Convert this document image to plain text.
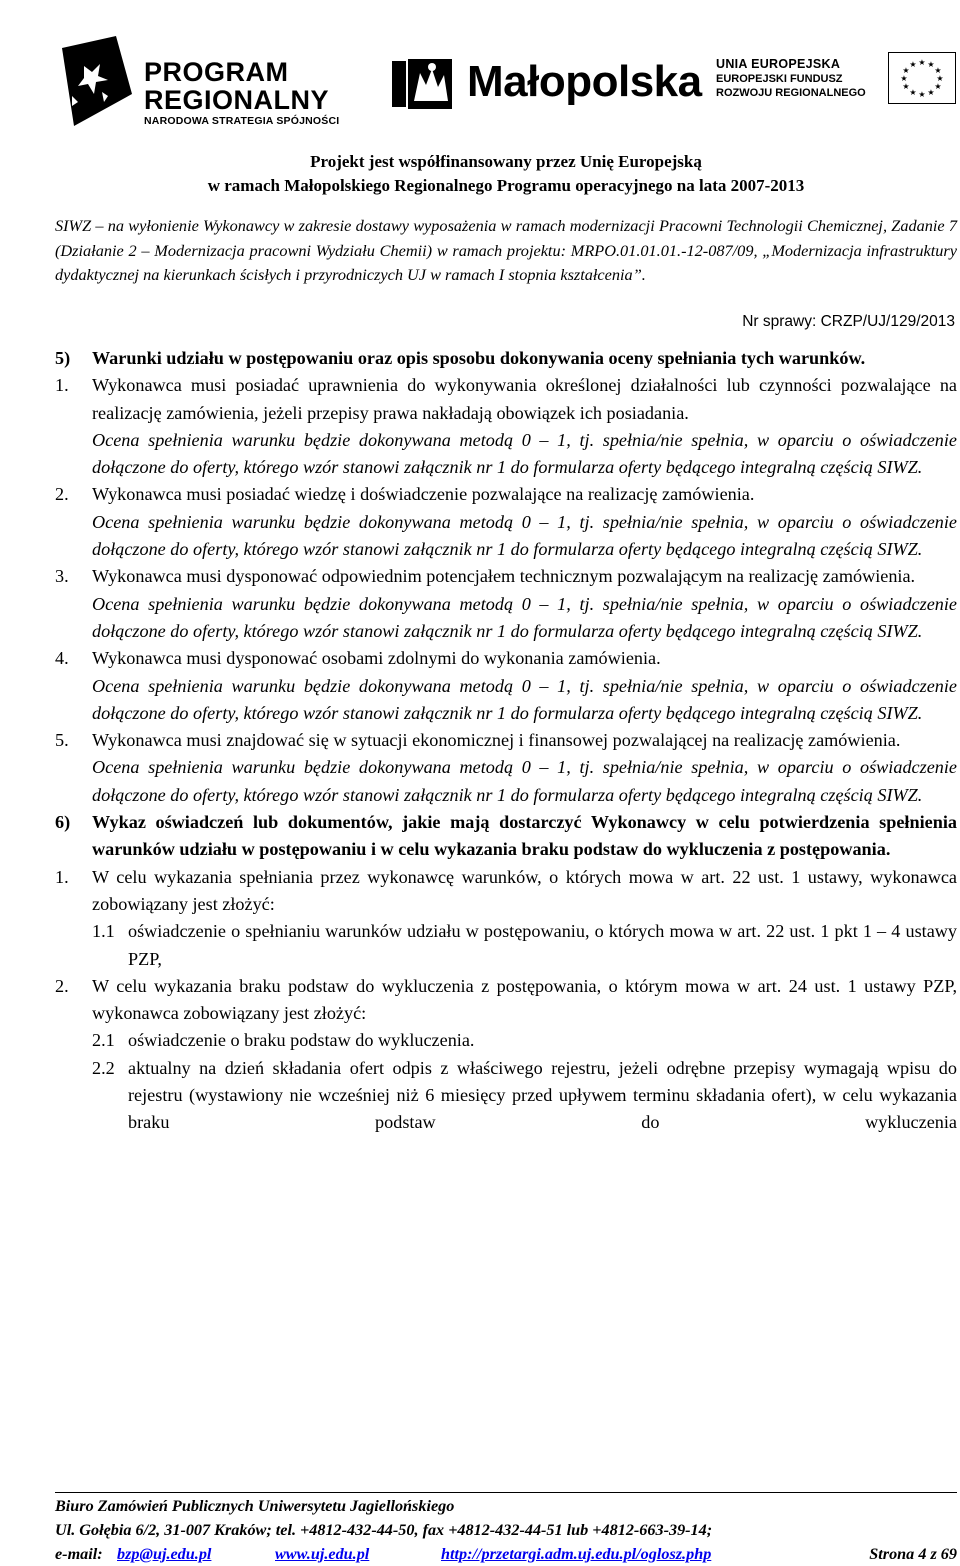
PROGRAM
REGIONALNY
NARODOWA STRATEGIA SPÓJNOŚCI
Małopolska UNIA EUROPEJSKA
EUROPEJSKI FUNDUSZ
ROZWOJU REGIONALNEGO
★ ★
★
★
★
★
★
★
★
★
★
★
Projekt jest współfinansowany przez Unię Europejską
w ramach Małopolskiego Regionalnego Programu operacyjnego na lata 2007-2013
SIWZ – na wyłonienie Wykonawcy w zakresie dostawy wyposażenia w ramach modernizacji Pracowni Technologii Chemicznej, Zadanie 7 (Działanie 2 – Modernizacja pracowni Wydziału Chemii) w ramach projektu: MRPO.01.01.01.-12-087/09, „Modernizacja infrastruktury dydaktycznej na kierunkach ścisłych i przyrodniczych UJ w ramach I stopnia kształcenia”.
Nr sprawy: CRZP/UJ/129/2013
5)	Warunki udziału w postępowaniu oraz opis sposobu dokonywania oceny spełniania tych warunków.
1.	Wykonawca musi posiadać uprawnienia do wykonywania określonej działalności lub czynności pozwalające na realizację zamówienia, jeżeli przepisy prawa nakładają obowiązek ich posiadania.

Ocena spełnienia warunku będzie dokonywana metodą 0 – 1, tj. spełnia/nie spełnia, w oparciu o oświadczenie dołączone do oferty, którego wzór stanowi załącznik nr 1 do formularza oferty będącego integralną częścią SIWZ.

2.	Wykonawca musi posiadać wiedzę i doświadczenie pozwalające na realizację zamówienia.

Ocena spełnienia warunku będzie dokonywana metodą 0 – 1, tj. spełnia/nie spełnia, w oparciu o oświadczenie dołączone do oferty, którego wzór stanowi załącznik nr 1 do formularza oferty będącego integralną częścią SIWZ.

3.	Wykonawca musi dysponować odpowiednim potencjałem technicznym pozwalającym na realizację zamówienia.

Ocena spełnienia warunku będzie dokonywana metodą 0 – 1, tj. spełnia/nie spełnia, w oparciu o oświadczenie dołączone do oferty, którego wzór stanowi załącznik nr 1 do formularza oferty będącego integralną częścią SIWZ.

4.	Wykonawca musi dysponować osobami zdolnymi do wykonania zamówienia.

Ocena spełnienia warunku będzie dokonywana metodą 0 – 1, tj. spełnia/nie spełnia, w oparciu o oświadczenie dołączone do oferty, którego wzór stanowi załącznik nr 1 do formularza oferty będącego integralną częścią SIWZ.

5.	Wykonawca musi znajdować się w sytuacji ekonomicznej i finansowej pozwalającej na realizację zamówienia.

Ocena spełnienia warunku będzie dokonywana metodą 0 – 1, tj. spełnia/nie spełnia, w oparciu o oświadczenie dołączone do oferty, którego wzór stanowi załącznik nr 1 do formularza oferty będącego integralną częścią SIWZ.

6)	Wykaz oświadczeń lub dokumentów, jakie mają dostarczyć Wykonawcy w celu potwierdzenia spełnienia warunków udziału w postępowaniu i w celu wykazania braku podstaw do wykluczenia z postępowania.
1.	W celu wykazania spełniania przez wykonawcę warunków, o których mowa w art. 22 ust. 1 ustawy, wykonawca zobowiązany jest złożyć:

1.1 oświadczenie o spełnianiu warunków udziału w postępowaniu, o których mowa w art. 22 ust. 1 pkt 1 – 4 ustawy PZP,
2.	W celu wykazania braku podstaw do wykluczenia z postępowania, o którym mowa w art. 24 ust. 1 ustawy PZP, wykonawca zobowiązany jest złożyć:

2.1 oświadczenie o braku podstaw do wykluczenia.
2.2 aktualny na dzień składania ofert odpis z właściwego rejestru, jeżeli odrębne przepisy wymagają wpisu do rejestru (wystawiony nie wcześniej niż 6 miesięcy przed upływem terminu składania ofert), w celu wykazania braku podstaw do wykluczenia
Biuro Zamówień Publicznych Uniwersytetu Jagiellońskiego
Ul. Gołębia 6/2, 31-007 Kraków; tel. +4812-432-44-50, fax +4812-432-44-51 lub +4812-663-39-14;
e-mail: bzp@uj.edu.pl	www.uj.edu.pl	http://przetargi.adm.uj.edu.pl/oglosz.php	Strona 4 z 69
